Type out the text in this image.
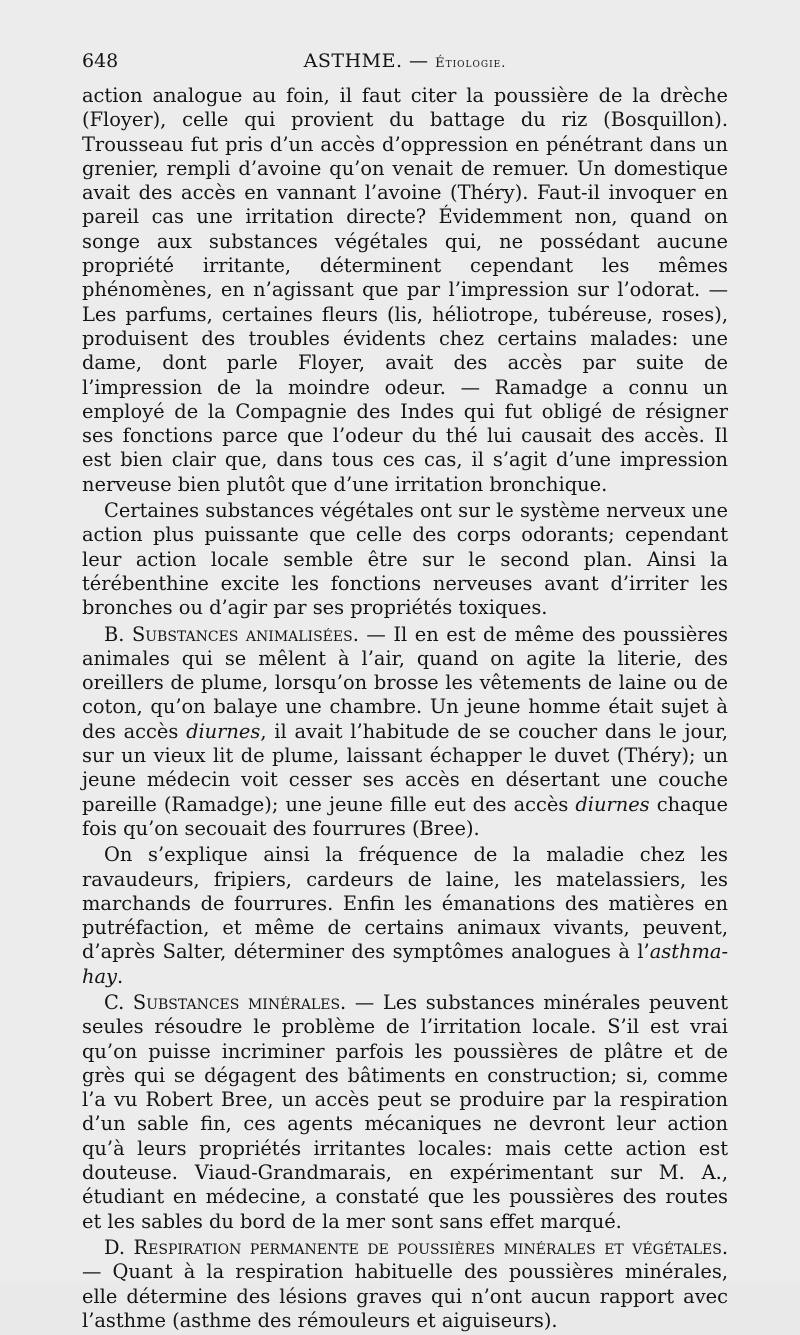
648	ASTHME. — Étiologie.

action analogue au foin, il faut citer la poussière de la drèche (Floyer), celle qui provient du battage du riz (Bosquillon). Trousseau fut pris d’un accès d’oppression en pénétrant dans un grenier, rempli d’avoine qu’on venait de remuer. Un domestique avait des accès en vannant l’avoine (Théry). Faut-il invoquer en pareil cas une irritation directe? Évidemment non, quand on songe aux substances végétales qui, ne possédant aucune propriété irritante, déterminent cependant les mêmes phénomènes, en n’agissant que par l’impression sur l’odorat. — Les parfums, certaines fleurs (lis, héliotrope, tubéreuse, roses), produisent des troubles évidents chez certains malades: une dame, dont parle Floyer, avait des accès par suite de l’impression de la moindre odeur. — Ramadge a connu un employé de la Compagnie des Indes qui fut obligé de résigner ses fonctions parce que l’odeur du thé lui causait des accès. Il est bien clair que, dans tous ces cas, il s’agit d’une impression nerveuse bien plutôt que d’une irritation bronchique.

Certaines substances végétales ont sur le système nerveux une action plus puissante que celle des corps odorants; cependant leur action locale semble être sur le second plan. Ainsi la térébenthine excite les fonctions nerveuses avant d’irriter les bronches ou d’agir par ses propriétés toxiques.

B. Substances animalisées. — Il en est de même des poussières animales qui se mêlent à l’air, quand on agite la literie, des oreillers de plume, lorsqu’on brosse les vêtements de laine ou de coton, qu’on balaye une chambre. Un jeune homme était sujet à des accès diurnes, il avait l’habitude de se coucher dans le jour, sur un vieux lit de plume, laissant échapper le duvet (Théry); un jeune médecin voit cesser ses accès en désertant une couche pareille (Ramadge); une jeune fille eut des accès diurnes chaque fois qu’on secouait des fourrures (Bree).

On s’explique ainsi la fréquence de la maladie chez les ravaudeurs, fripiers, cardeurs de laine, les matelassiers, les marchands de fourrures. Enfin les émanations des matières en putréfaction, et même de certains animaux vivants, peuvent, d’après Salter, déterminer des symptômes analogues à l’asthma-hay.

C. Substances minérales. — Les substances minérales peuvent seules résoudre le problème de l’irritation locale. S’il est vrai qu’on puisse incriminer parfois les poussières de plâtre et de grès qui se dégagent des bâtiments en construction; si, comme l’a vu Robert Bree, un accès peut se produire par la respiration d’un sable fin, ces agents mécaniques ne devront leur action qu’à leurs propriétés irritantes locales: mais cette action est douteuse. Viaud-Grandmarais, en expérimentant sur M. A., étudiant en médecine, a constaté que les poussières des routes et les sables du bord de la mer sont sans effet marqué.

D. Respiration permanente de poussières minérales et végétales. — Quant à la respiration habituelle des poussières minérales, elle détermine des lésions graves qui n’ont aucun rapport avec l’asthme (asthme des rémouleurs et aiguiseurs).
